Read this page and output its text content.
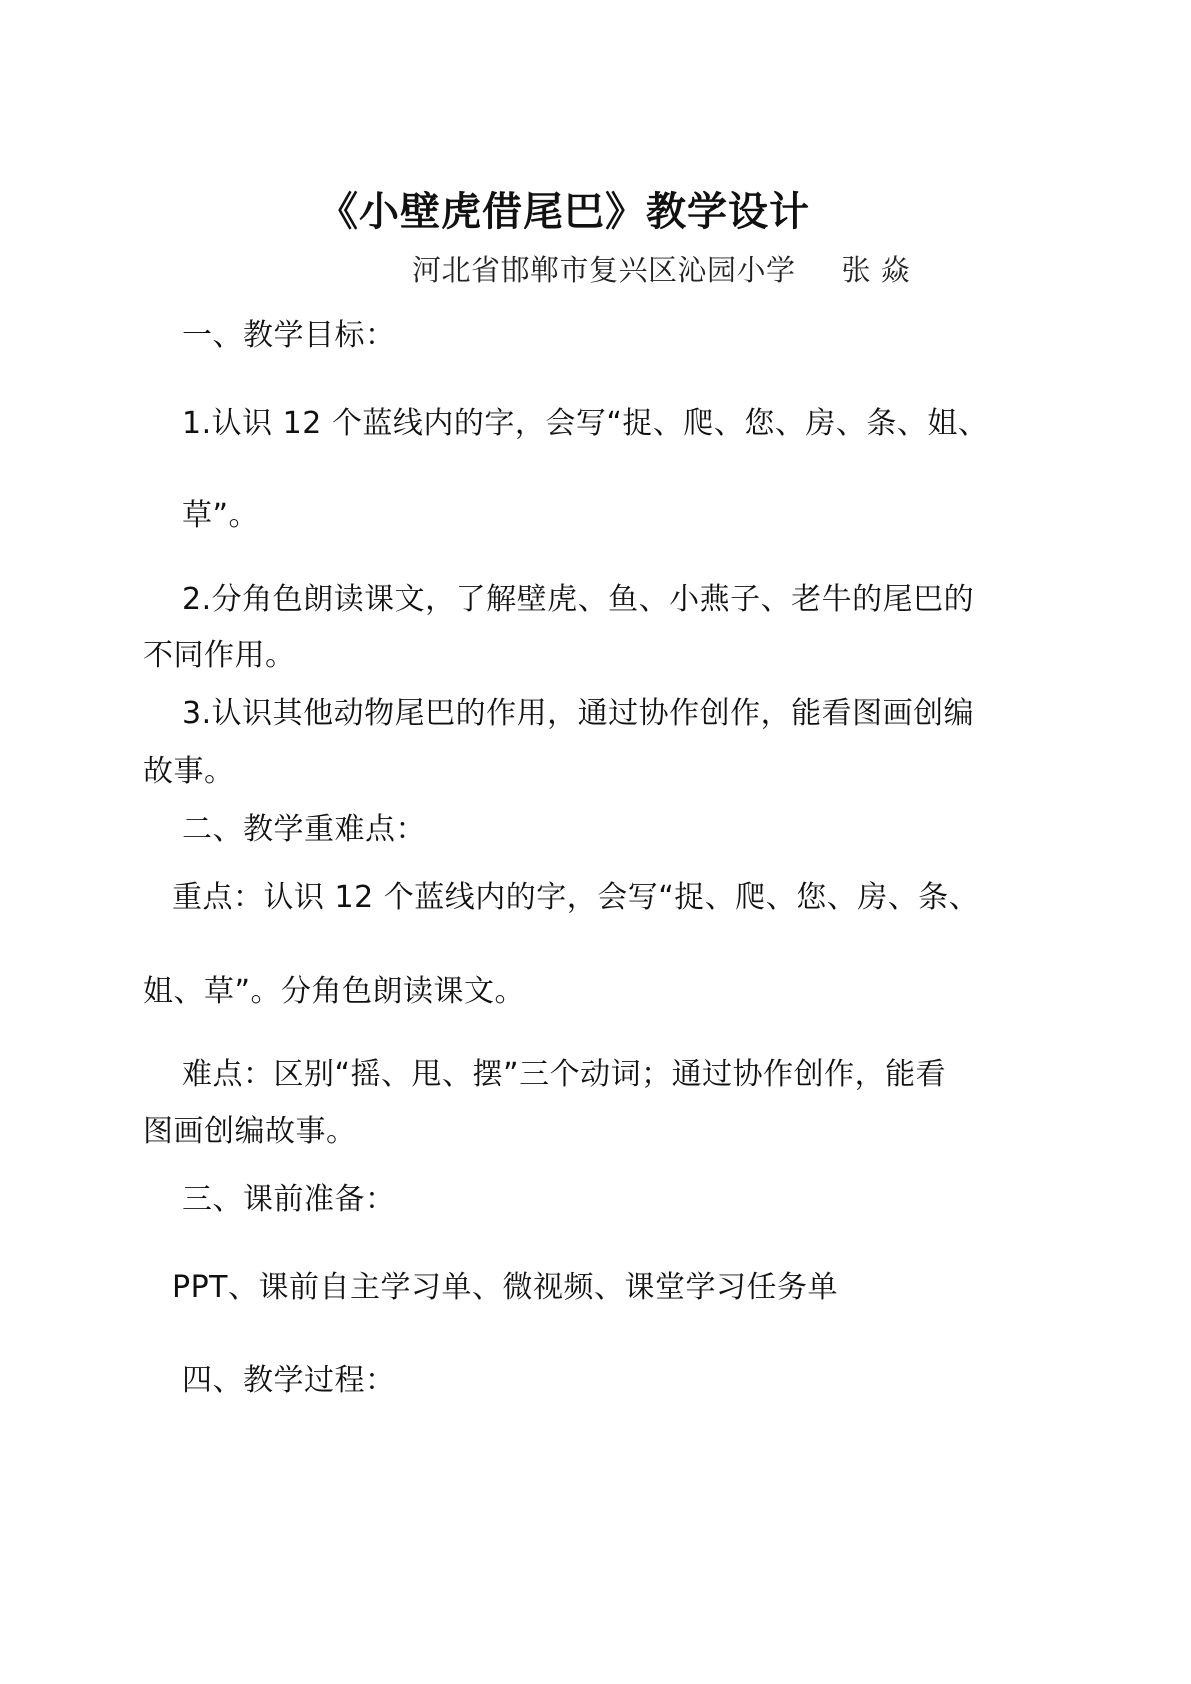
《小壁虎借尾巴》教学设计
河北省邯郸市复兴区沁园小学 张 焱
一、教学目标：
1.认识 12 个蓝线内的字，会写“捉、爬、您、房、条、姐、
草”。
2.分角色朗读课文，了解壁虎、鱼、小燕子、老牛的尾巴的
不同作用。
3.认识其他动物尾巴的作用，通过协作创作，能看图画创编
故事。
二、教学重难点：
重点：认识 12 个蓝线内的字，会写“捉、爬、您、房、条、
姐、草”。分角色朗读课文。
难点：区别“摇、甩、摆”三个动词；通过协作创作，能看
图画创编故事。
三、课前准备：
PPT、课前自主学习单、微视频、课堂学习任务单
四、教学过程：
